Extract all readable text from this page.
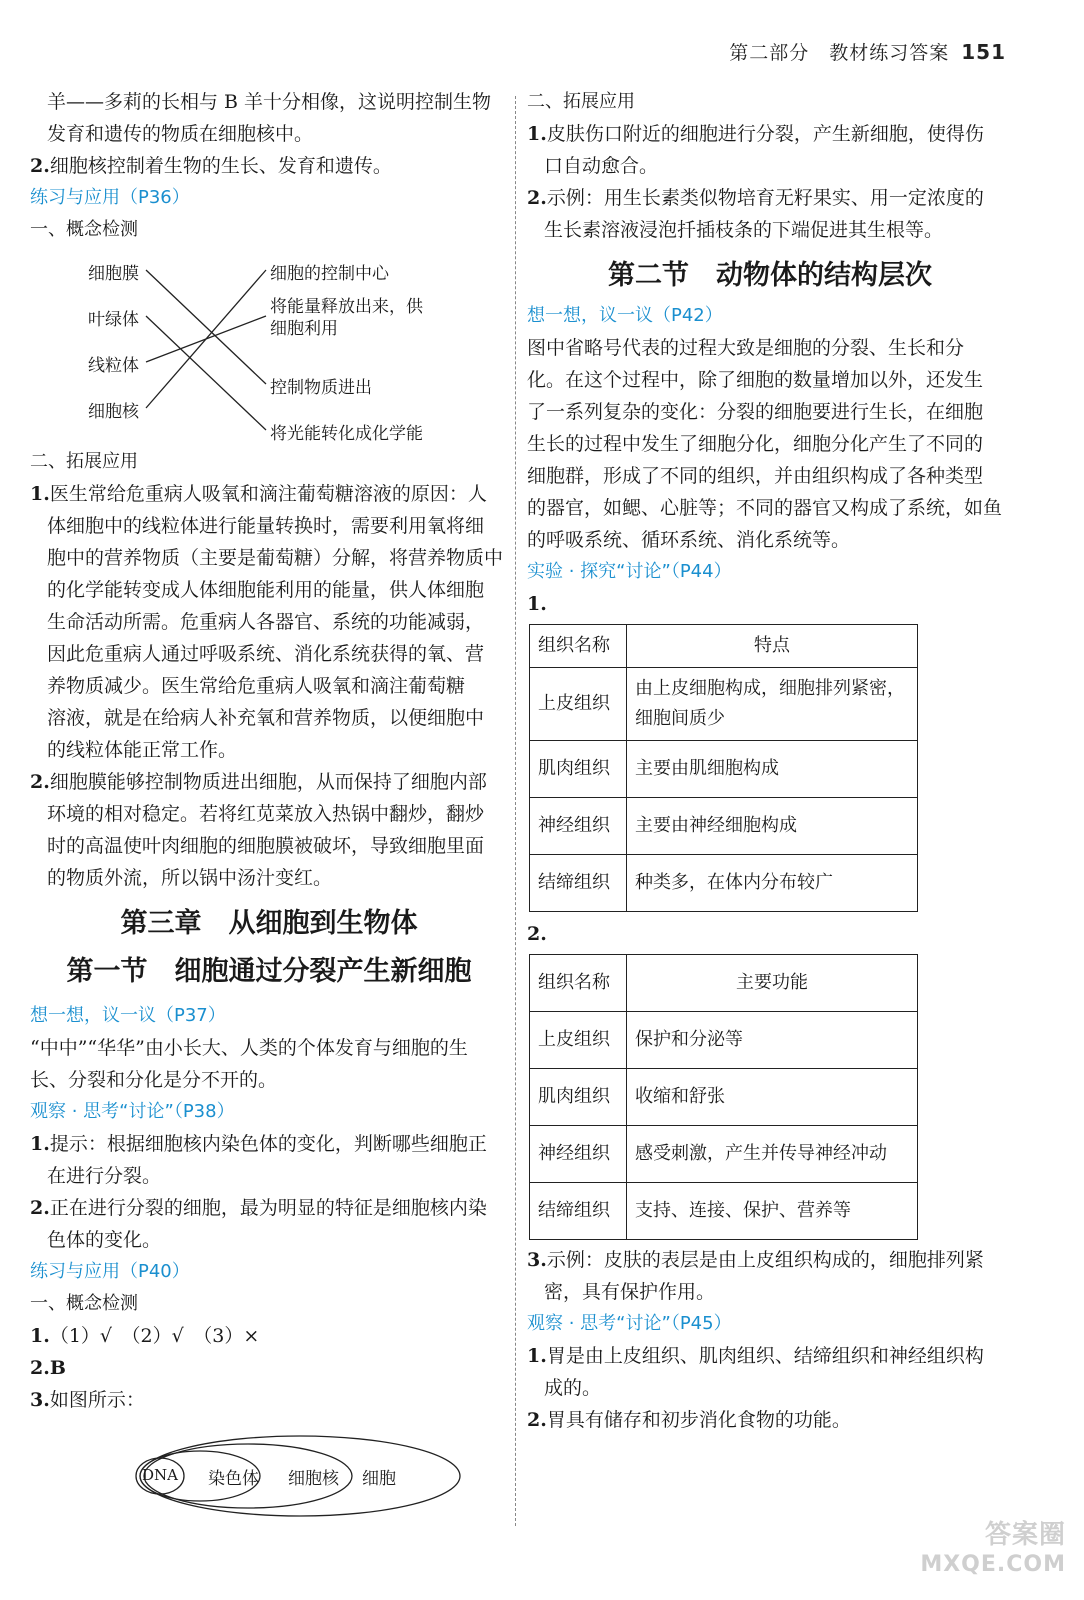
第二部分　教材练习答案 151

羊——多莉的长相与 B 羊十分相像，这说明控制生物

发育和遗传的物质在细胞核中。

2.细胞核控制着生物的生长、发育和遗传。

练习与应用（P36）

一、概念检测

细胞膜
叶绿体
线粒体
细胞核
细胞的控制中心
将能量释放出来，供
细胞利用
控制物质进出
将光能转化成化学能

二、拓展应用

1.医生常给危重病人吸氧和滴注葡萄糖溶液的原因：人

体细胞中的线粒体进行能量转换时，需要利用氧将细

胞中的营养物质（主要是葡萄糖）分解，将营养物质中

的化学能转变成人体细胞能利用的能量，供人体细胞

生命活动所需。危重病人各器官、系统的功能减弱，

因此危重病人通过呼吸系统、消化系统获得的氧、营

养物质减少。医生常给危重病人吸氧和滴注葡萄糖

溶液，就是在给病人补充氧和营养物质，以便细胞中

的线粒体能正常工作。

2.细胞膜能够控制物质进出细胞，从而保持了细胞内部

环境的相对稳定。若将红苋菜放入热锅中翻炒，翻炒

时的高温使叶肉细胞的细胞膜被破坏，导致细胞里面

的物质外流，所以锅中汤汁变红。

第三章　从细胞到生物体

第一节　细胞通过分裂产生新细胞

想一想，议一议（P37）

“中中”“华华”由小长大、人类的个体发育与细胞的生

长、分裂和分化是分不开的。

观察 · 思考“讨论”（P38）

1.提示：根据细胞核内染色体的变化，判断哪些细胞正

在进行分裂。

2.正在进行分裂的细胞，最为明显的特征是细胞核内染

色体的变化。

练习与应用（P40）

一、概念检测

1.（1）√　（2）√　（3）×

2.B

3.如图所示：

DNA 染色体 细胞核 细胞

二、拓展应用

1.皮肤伤口附近的细胞进行分裂，产生新细胞，使得伤

口自动愈合。

2.示例：用生长素类似物培育无籽果实、用一定浓度的

生长素溶液浸泡扦插枝条的下端促进其生根等。

第二节　动物体的结构层次

想一想，议一议（P42）

图中省略号代表的过程大致是细胞的分裂、生长和分

化。在这个过程中，除了细胞的数量增加以外，还发生

了一系列复杂的变化：分裂的细胞要进行生长，在细胞

生长的过程中发生了细胞分化，细胞分化产生了不同的

细胞群，形成了不同的组织，并由组织构成了各种类型

的器官，如鳃、心脏等；不同的器官又构成了系统，如鱼

的呼吸系统、循环系统、消化系统等。

实验 · 探究“讨论”（P44）

1.

组织名称	特点
上皮组织	由上皮细胞构成，细胞排列紧密，细胞间质少
肌肉组织	主要由肌细胞构成
神经组织	主要由神经细胞构成
结缔组织	种类多，在体内分布较广

2.

组织名称	主要功能
上皮组织	保护和分泌等
肌肉组织	收缩和舒张
神经组织	感受刺激，产生并传导神经冲动
结缔组织	支持、连接、保护、营养等

3.示例：皮肤的表层是由上皮组织构成的，细胞排列紧

密，具有保护作用。

观察 · 思考“讨论”（P45）

1.胃是由上皮组织、肌肉组织、结缔组织和神经组织构

成的。

2.胃具有储存和初步消化食物的功能。

答案圈
MXQE.COM
